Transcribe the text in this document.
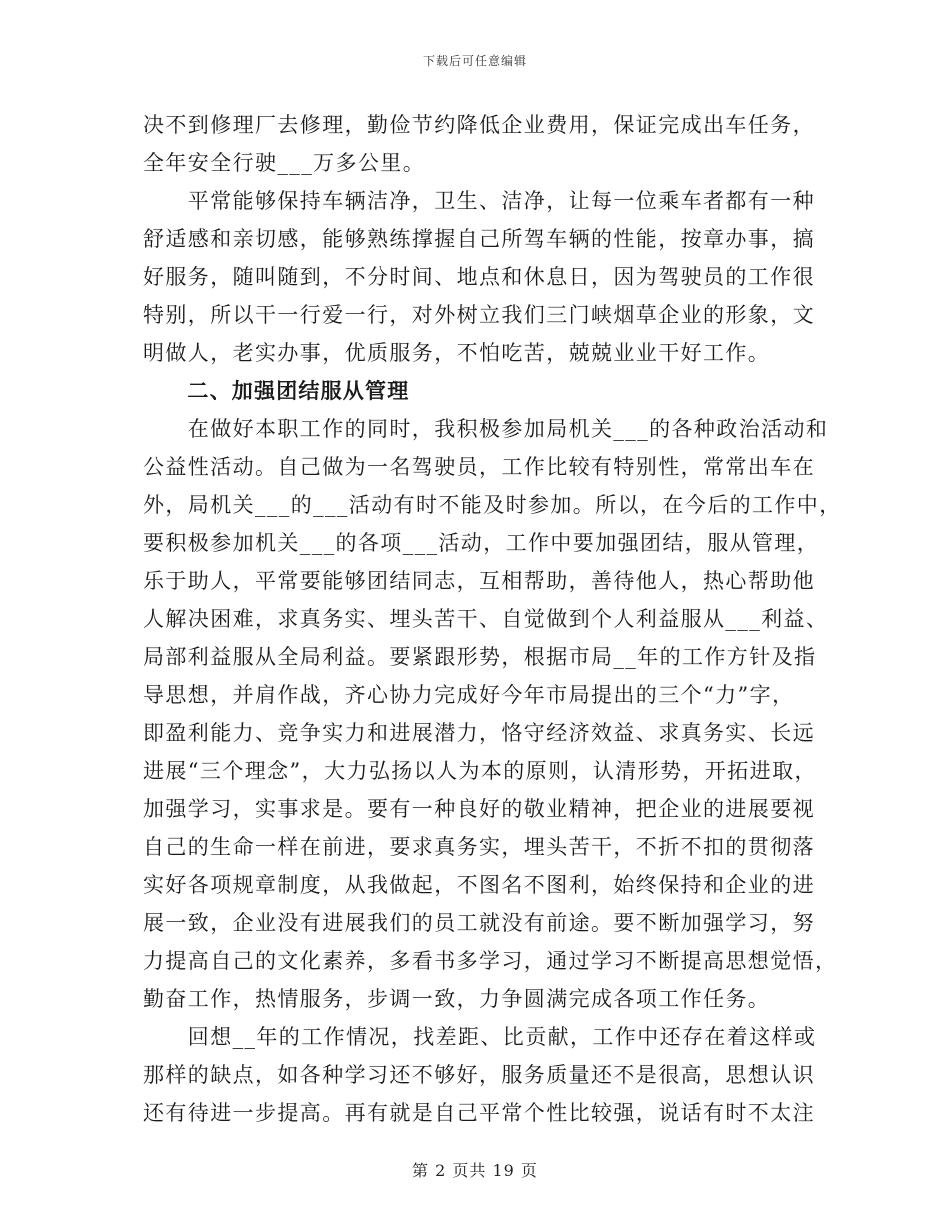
下载后可任意编辑
决不到修理厂去修理，勤俭节约降低企业费用，保证完成出车任务，
全年安全行驶___万多公里。
　　平常能够保持车辆洁净，卫生、洁净，让每一位乘车者都有一种
舒适感和亲切感，能够熟练撑握自己所驾车辆的性能，按章办事，搞
好服务，随叫随到，不分时间、地点和休息日，因为驾驶员的工作很
特别，所以干一行爱一行，对外树立我们三门峡烟草企业的形象，文
明做人，老实办事，优质服务，不怕吃苦，兢兢业业干好工作。
　　二、加强团结服从管理
　　在做好本职工作的同时，我积极参加局机关___的各种政治活动和
公益性活动。自己做为一名驾驶员，工作比较有特别性，常常出车在
外，局机关___的___活动有时不能及时参加。所以，在今后的工作中，
要积极参加机关___的各项___活动，工作中要加强团结，服从管理，
乐于助人，平常要能够团结同志，互相帮助，善待他人，热心帮助他
人解决困难，求真务实、埋头苦干、自觉做到个人利益服从___利益、
局部利益服从全局利益。要紧跟形势，根据市局__年的工作方针及指
导思想，并肩作战，齐心协力完成好今年市局提出的三个“力”字，
即盈利能力、竞争实力和进展潜力，恪守经济效益、求真务实、长远
进展“三个理念”，大力弘扬以人为本的原则，认清形势，开拓进取，
加强学习，实事求是。要有一种良好的敬业精神，把企业的进展要视
自己的生命一样在前进，要求真务实，埋头苦干，不折不扣的贯彻落
实好各项规章制度，从我做起，不图名不图利，始终保持和企业的进
展一致，企业没有进展我们的员工就没有前途。要不断加强学习，努
力提高自己的文化素养，多看书多学习，通过学习不断提高思想觉悟，
勤奋工作，热情服务，步调一致，力争圆满完成各项工作任务。
　　回想__年的工作情况，找差距、比贡献，工作中还存在着这样或
那样的缺点，如各种学习还不够好，服务质量还不是很高，思想认识
还有待进一步提高。再有就是自己平常个性比较强，说话有时不太注
第 2 页共 19 页
